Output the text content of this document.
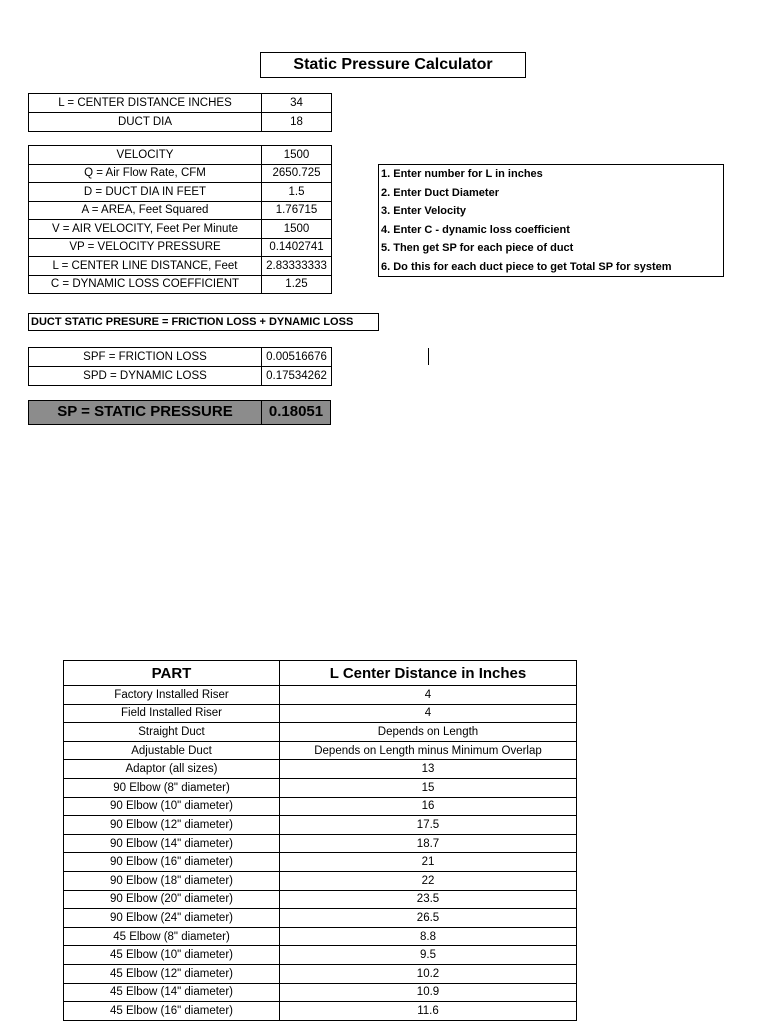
Static Pressure Calculator
L = CENTER DISTANCE INCHES	34
DUCT DIA	18
VELOCITY	1500
Q = Air Flow Rate, CFM	2650.725
D = DUCT DIA IN FEET	1.5
A = AREA, Feet Squared	1.76715
V = AIR VELOCITY, Feet Per Minute	1500
VP = VELOCITY PRESSURE	0.1402741
L = CENTER LINE DISTANCE, Feet	2.83333333
C = DYNAMIC LOSS COEFFICIENT	1.25
1. Enter number for L in inches
2. Enter Duct Diameter
3. Enter Velocity
4. Enter C - dynamic loss coefficient
5. Then get SP for each piece of duct
6. Do this for each duct piece to get Total SP for system
DUCT STATIC PRESURE = FRICTION LOSS + DYNAMIC LOSS
SPF = FRICTION LOSS	0.00516676
SPD = DYNAMIC LOSS	0.17534262
SP = STATIC PRESSURE	0.18051
PART	L Center Distance in Inches
Factory Installed Riser	4
Field Installed Riser	4
Straight Duct	Depends on Length
Adjustable Duct	Depends on Length minus Minimum Overlap
Adaptor (all sizes)	13
90 Elbow (8" diameter)	15
90 Elbow (10" diameter)	16
90 Elbow (12" diameter)	17.5
90 Elbow (14" diameter)	18.7
90 Elbow (16" diameter)	21
90 Elbow (18" diameter)	22
90 Elbow (20" diameter)	23.5
90 Elbow (24" diameter)	26.5
45 Elbow (8" diameter)	8.8
45 Elbow (10" diameter)	9.5
45 Elbow (12" diameter)	10.2
45 Elbow (14" diameter)	10.9
45 Elbow (16" diameter)	11.6
